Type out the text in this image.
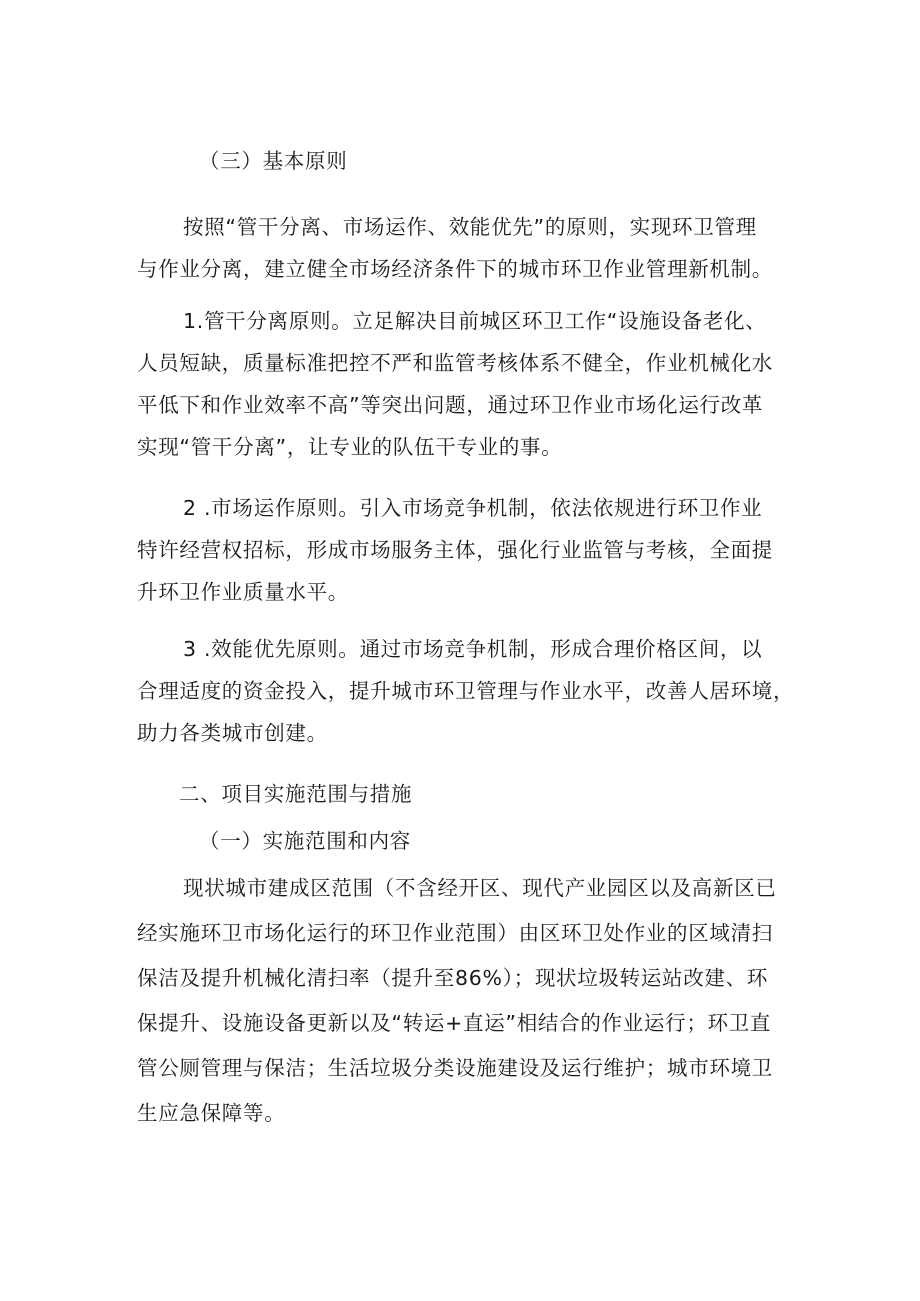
（三）基本原则
按照“管干分离、市场运作、效能优先”的原则，实现环卫管理
与作业分离，建立健全市场经济条件下的城市环卫作业管理新机制。
1.管干分离原则。立足解决目前城区环卫工作“设施设备老化、
人员短缺，质量标准把控不严和监管考核体系不健全，作业机械化水
平低下和作业效率不高”等突出问题，通过环卫作业市场化运行改革
实现“管干分离”，让专业的队伍干专业的事。
2 .市场运作原则。引入市场竞争机制，依法依规进行环卫作业
特许经营权招标，形成市场服务主体，强化行业监管与考核，全面提
升环卫作业质量水平。
3 .效能优先原则。通过市场竞争机制，形成合理价格区间，以
合理适度的资金投入，提升城市环卫管理与作业水平，改善人居环境，
助力各类城市创建。
二、项目实施范围与措施
（一）实施范围和内容
现状城市建成区范围（不含经开区、现代产业园区以及高新区已
经实施环卫市场化运行的环卫作业范围）由区环卫处作业的区域清扫
保洁及提升机械化清扫率（提升至86%）；现状垃圾转运站改建、环
保提升、设施设备更新以及“转运+直运”相结合的作业运行；环卫直
管公厕管理与保洁；生活垃圾分类设施建设及运行维护；城市环境卫
生应急保障等。
